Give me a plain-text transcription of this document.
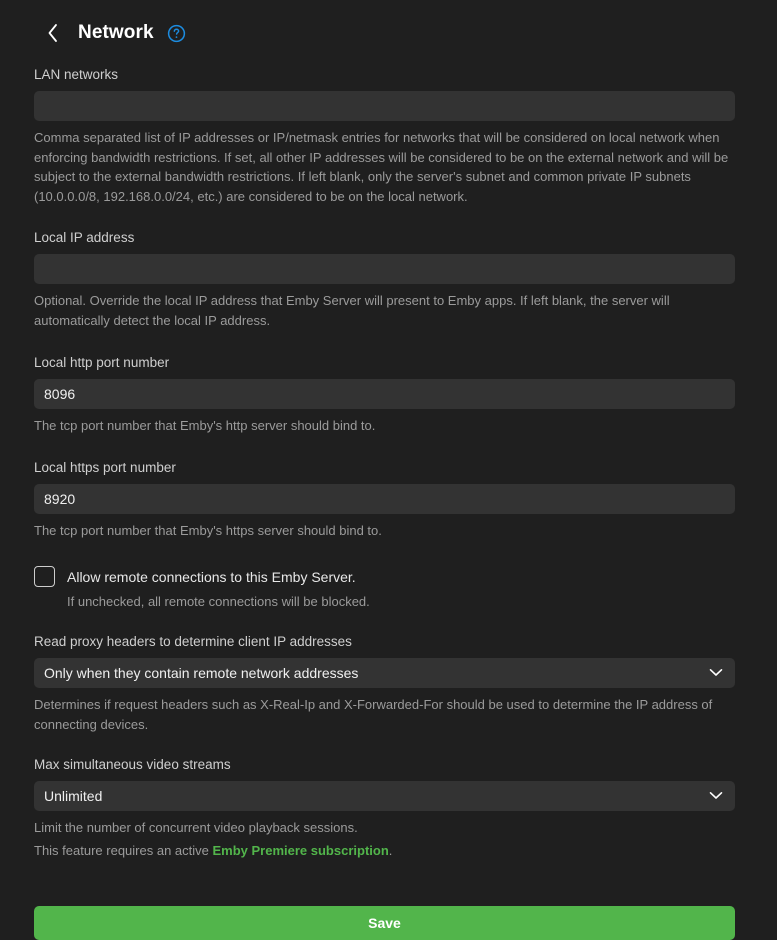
Network
LAN networks
Comma separated list of IP addresses or IP/netmask entries for networks that will be considered on local network when enforcing bandwidth restrictions. If set, all other IP addresses will be considered to be on the external network and will be subject to the external bandwidth restrictions. If left blank, only the server's subnet and common private IP subnets (10.0.0.0/8, 192.168.0.0/24, etc.) are considered to be on the local network.
Local IP address
Optional. Override the local IP address that Emby Server will present to Emby apps. If left blank, the server will automatically detect the local IP address.
Local http port number
8096
The tcp port number that Emby's http server should bind to.
Local https port number
8920
The tcp port number that Emby's https server should bind to.
Allow remote connections to this Emby Server.
If unchecked, all remote connections will be blocked.
Read proxy headers to determine client IP addresses
Only when they contain remote network addresses
Determines if request headers such as X-Real-Ip and X-Forwarded-For should be used to determine the IP address of connecting devices.
Max simultaneous video streams
Unlimited
Limit the number of concurrent video playback sessions.
This feature requires an active Emby Premiere subscription.
Save
